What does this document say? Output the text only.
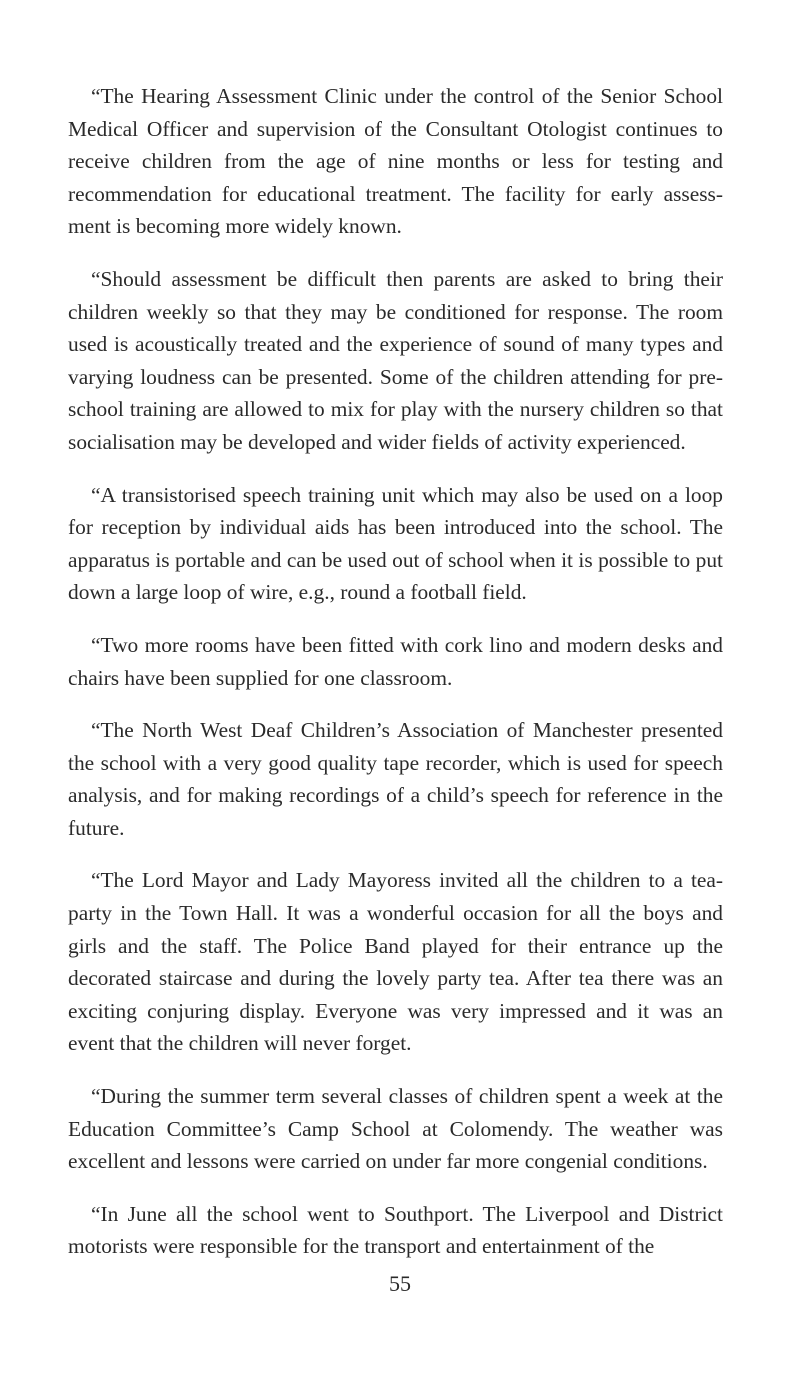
“The Hearing Assessment Clinic under the control of the Senior School Medical Officer and supervision of the Consultant Otologist continues to receive children from the age of nine months or less for testing and recommendation for educational treatment. The facility for early assess-ment is becoming more widely known.

“Should assessment be difficult then parents are asked to bring their children weekly so that they may be conditioned for response. The room used is acoustically treated and the experience of sound of many types and varying loudness can be presented. Some of the children attending for pre-school training are allowed to mix for play with the nursery children so that socialisation may be developed and wider fields of activity experienced.

“A transistorised speech training unit which may also be used on a loop for reception by individual aids has been introduced into the school. The apparatus is portable and can be used out of school when it is possible to put down a large loop of wire, e.g., round a football field.

“Two more rooms have been fitted with cork lino and modern desks and chairs have been supplied for one classroom.

“The North West Deaf Children’s Association of Manchester presented the school with a very good quality tape recorder, which is used for speech analysis, and for making recordings of a child’s speech for reference in the future.

“The Lord Mayor and Lady Mayoress invited all the children to a tea-party in the Town Hall. It was a wonderful occasion for all the boys and girls and the staff. The Police Band played for their entrance up the decorated staircase and during the lovely party tea. After tea there was an exciting conjuring display. Everyone was very impressed and it was an event that the children will never forget.

“During the summer term several classes of children spent a week at the Education Committee’s Camp School at Colomendy. The weather was excellent and lessons were carried on under far more congenial conditions.

“In June all the school went to Southport. The Liverpool and District motorists were responsible for the transport and entertainment of the

55
